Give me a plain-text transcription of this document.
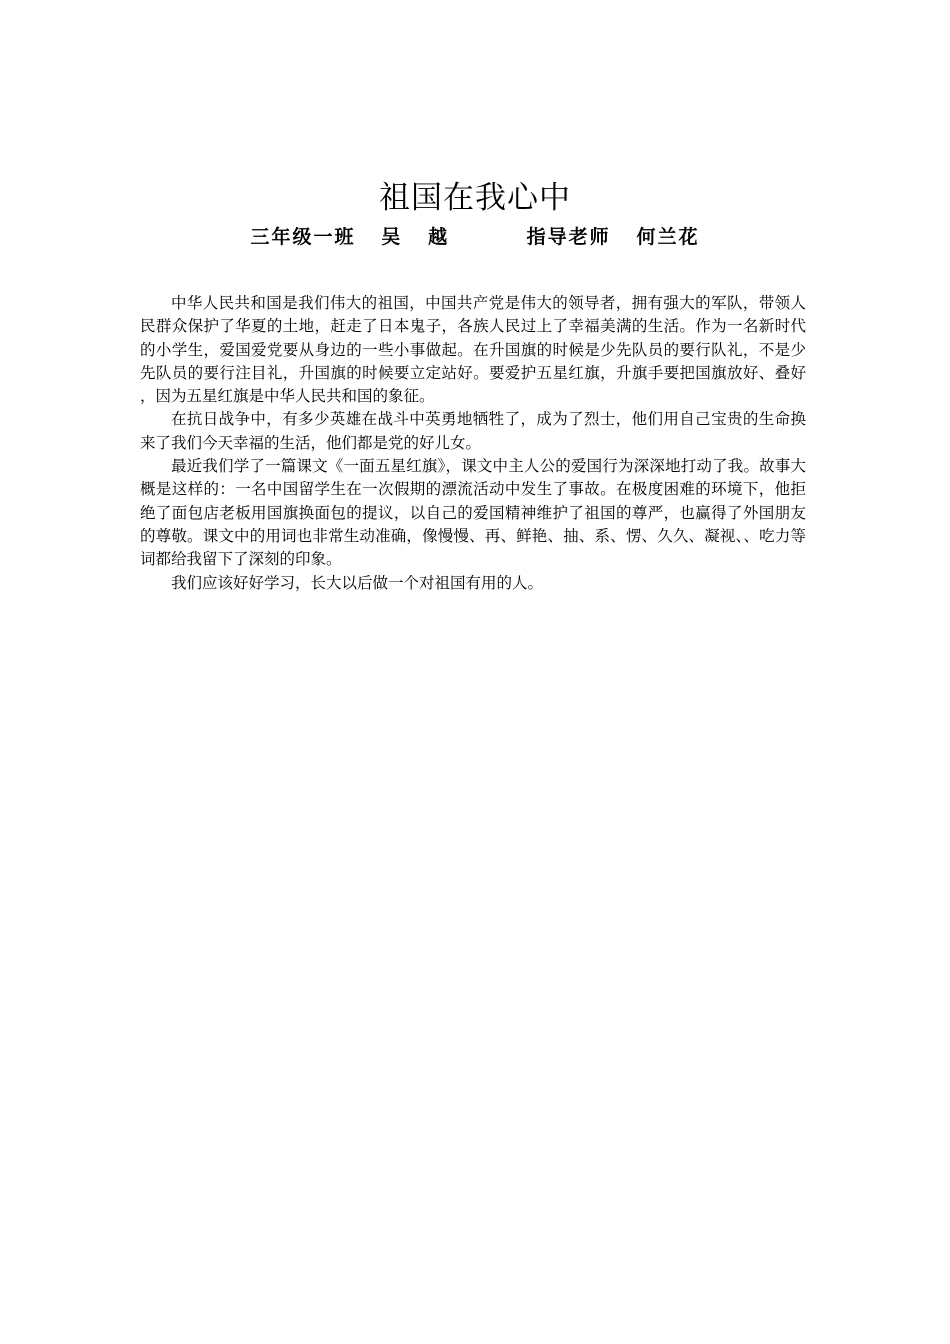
祖国在我心中
三年级一班   吴   越         指导老师   何兰花

中华人民共和国是我们伟大的祖国，中国共产党是伟大的领导者，拥有强大的军队，带领人民群众保护了华夏的土地，赶走了日本鬼子，各族人民过上了幸福美满的生活。作为一名新时代的小学生，爱国爱党要从身边的一些小事做起。在升国旗的时候是少先队员的要行队礼，不是少先队员的要行注目礼，升国旗的时候要立定站好。要爱护五星红旗，升旗手要把国旗放好、叠好，因为五星红旗是中华人民共和国的象征。

在抗日战争中，有多少英雄在战斗中英勇地牺牲了，成为了烈士，他们用自己宝贵的生命换来了我们今天幸福的生活，他们都是党的好儿女。

最近我们学了一篇课文《一面五星红旗》，课文中主人公的爱国行为深深地打动了我。故事大概是这样的：一名中国留学生在一次假期的漂流活动中发生了事故。在极度困难的环境下，他拒绝了面包店老板用国旗换面包的提议，以自己的爱国精神维护了祖国的尊严，也赢得了外国朋友的尊敬。课文中的用词也非常生动准确，像慢慢、再、鲜艳、抽、系、愣、久久、凝视、、吃力等词都给我留下了深刻的印象。

我们应该好好学习，长大以后做一个对祖国有用的人。
